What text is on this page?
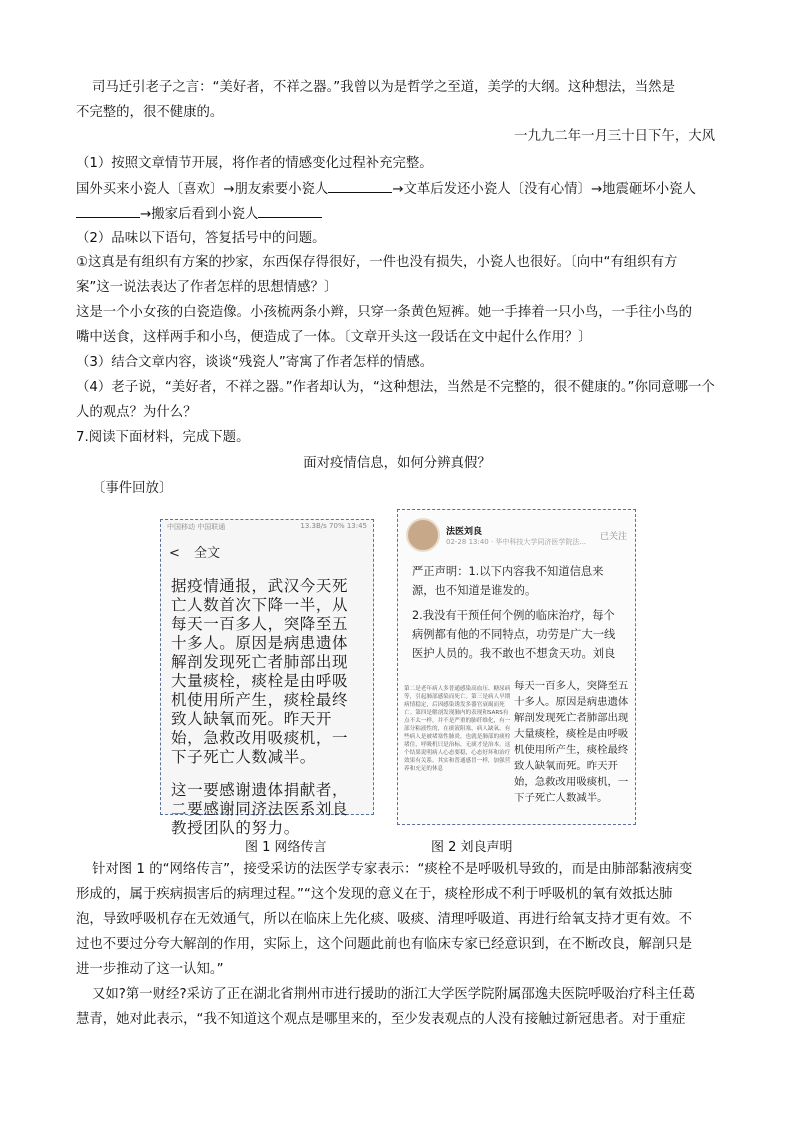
司马迁引老子之言：“美好者，不祥之器。”我曾以为是哲学之至道，美学的大纲。这种想法，当然是
不完整的，很不健康的。
一九九二年一月三十日下午，大风
（1）按照文章情节开展，将作者的情感变化过程补充完整。
国外买来小瓷人〔喜欢〕→朋友索要小瓷人	→文革后发还小瓷人〔没有心情〕→地震砸坏小瓷人
→搬家后看到小瓷人
（2）品味以下语句，答复括号中的问题。
①这真是有组织有方案的抄家，东西保存得很好，一件也没有损失，小瓷人也很好。〔向中“有组织有方
案”这一说法表达了作者怎样的思想情感？〕
这是一个小女孩的白瓷造像。小孩梳两条小辫，只穿一条黄色短裤。她一手捧着一只小鸟，一手往小鸟的
嘴中送食，这样两手和小鸟，便造成了一体。〔文章开头这一段话在文中起什么作用？〕
（3）结合文章内容，谈谈“残瓷人”寄寓了作者怎样的情感。
（4）老子说，“美好者，不祥之器。”作者却认为，“这种想法，当然是不完整的，很不健康的。”你同意哪一个
人的观点？为什么？
7.阅读下面材料，完成下题。
面对疫情信息，如何分辨真假？
〔事件回放〕
中国移动 中国联通	13.3B/s 70% 13:45
< 全文
据疫情通报，武汉今天死亡人数首次下降一半，从每天一百多人，突降至五十多人。原因是病患遗体解剖发现死亡者肺部出现大量痰栓，痰栓是由呼吸机使用所产生，痰栓最终致人缺氧而死。昨天开始，急救改用吸痰机，一下子死亡人数减半。
这一要感谢遗体捐献者，二要感谢同济法医系刘良教授团队的努力。
法医刘良
02-28 13:40 · 华中科技大学同济医学院法... 已关注
严正声明：1.以下内容我不知道信息来源，也不知道是谁发的。
2.我没有干预任何个例的临床治疗，每个病例都有他的不同特点，功劳是广大一线医护人员的。我不敢也不想贪天功。刘良
第二是老年病人多普通感染高血压、糖尿病等，引起肺部感染而死亡。第三是病人早期病情稳定，后因感染诱发多器官衰竭而死亡。第四是解剖发现肺内的表现和SARS有点不太一样，并不是严重的肺纤维化，有一部分粘液性的，在痰液阻塞，病人缺氧。有些病人是被堵塞性肺炎，也就是肺部的痰栓堵住，呼吸机只是治标，无痰才是治本。这个结果说明病人心态要稳，心态好坏和治疗效果有关系。其实和普通感冒一样，加强营养和充足的休息
每天一百多人，突降至五十多人。原因是病患遗体解剖发现死亡者肺部出现大量痰栓，痰栓是由呼吸机使用所产生，痰栓最终致人缺氧而死。昨天开始，急救改用吸痰机，一下子死亡人数减半。
图 1 网络传言	图 2 刘良声明
针对图 1 的“网络传言”，接受采访的法医学专家表示：“痰栓不是呼吸机导致的，而是由肺部黏液病变
形成的，属于疾病损害后的病理过程。”“这个发现的意义在于，痰栓形成不利于呼吸机的氧有效抵达肺
泡，导致呼吸机存在无效通气，所以在临床上先化痰、吸痰、清理呼吸道、再进行给氧支持才更有效。不
过也不要过分夸大解剖的作用，实际上，这个问题此前也有临床专家已经意识到，在不断改良，解剖只是
进一步推动了这一认知。”
又如?第一财经?采访了正在湖北省荆州市进行援助的浙江大学医学院附属邵逸夫医院呼吸治疗科主任葛
慧青，她对此表示，“我不知道这个观点是哪里来的，至少发表观点的人没有接触过新冠患者。对于重症
